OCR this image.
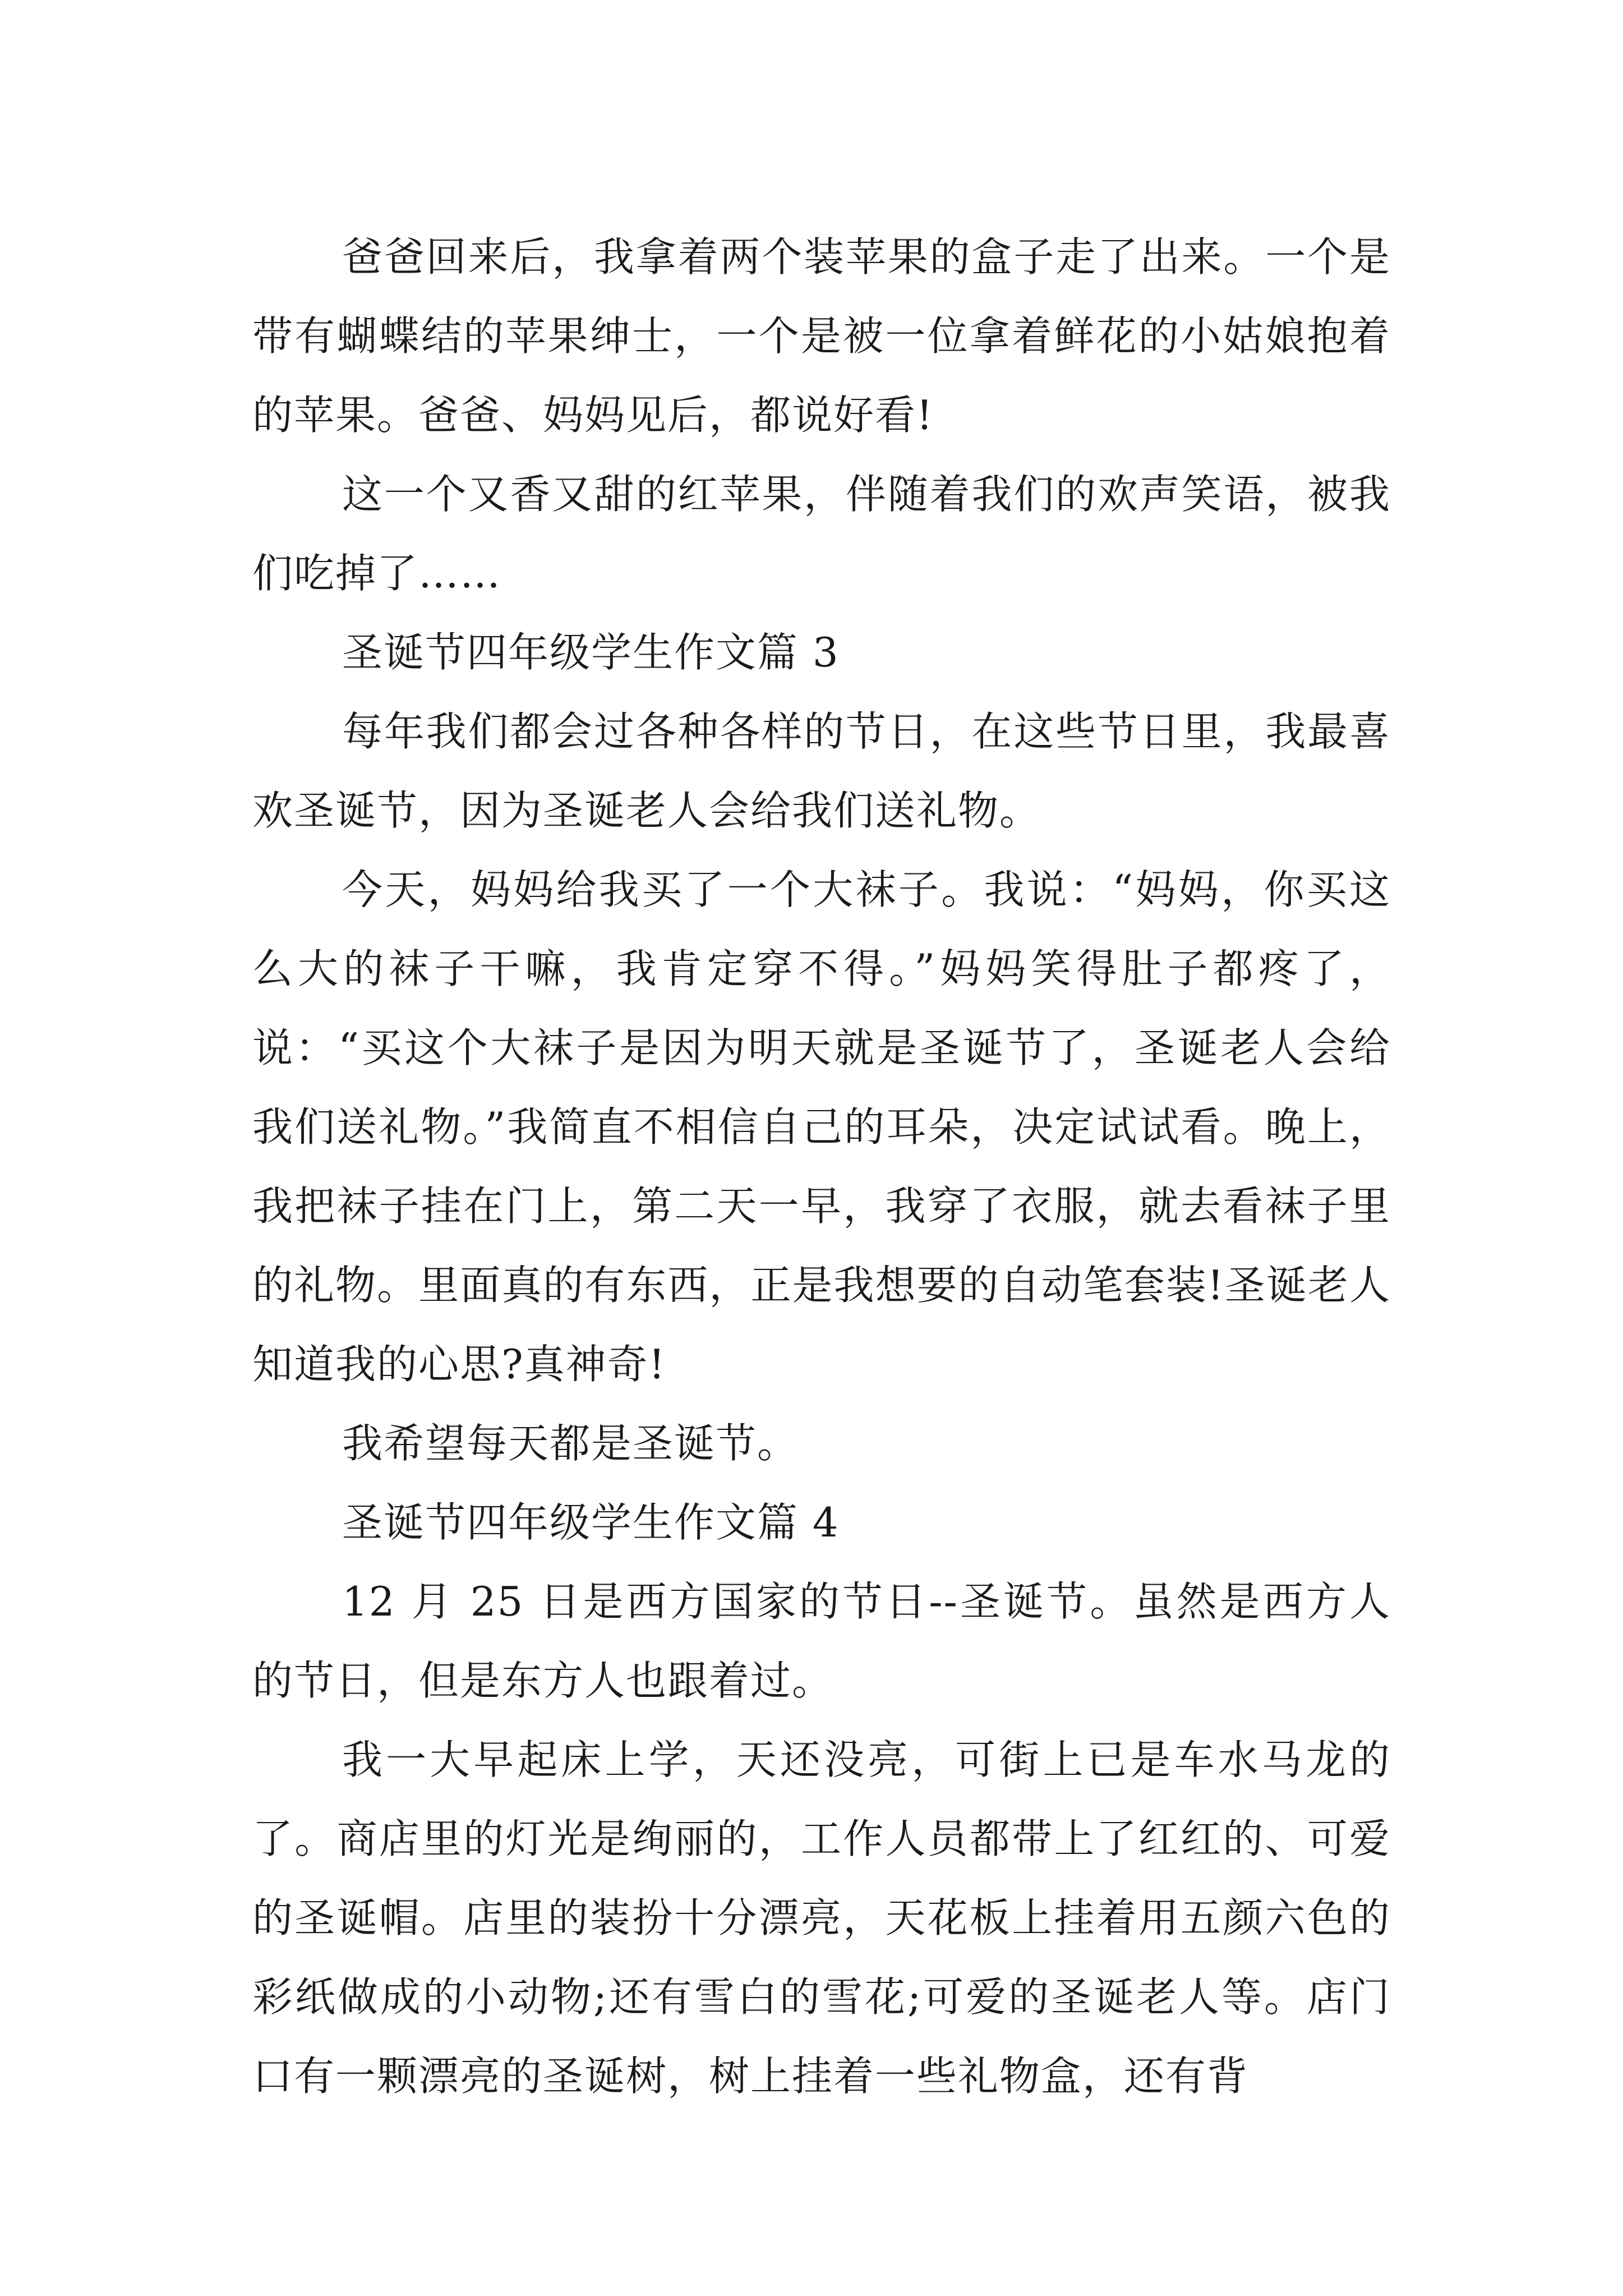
爸爸回来后，我拿着两个装苹果的盒子走了出来。一个是带有蝴蝶结的苹果绅士，一个是被一位拿着鲜花的小姑娘抱着的苹果。爸爸、妈妈见后，都说好看!

这一个又香又甜的红苹果，伴随着我们的欢声笑语，被我们吃掉了……

圣诞节四年级学生作文篇 3

每年我们都会过各种各样的节日，在这些节日里，我最喜欢圣诞节，因为圣诞老人会给我们送礼物。

今天，妈妈给我买了一个大袜子。我说：“妈妈，你买这么大的袜子干嘛，我肯定穿不得。”妈妈笑得肚子都疼了，说：“买这个大袜子是因为明天就是圣诞节了，圣诞老人会给我们送礼物。”我简直不相信自己的耳朵，决定试试看。晚上，我把袜子挂在门上，第二天一早，我穿了衣服，就去看袜子里的礼物。里面真的有东西，正是我想要的自动笔套装!圣诞老人知道我的心思?真神奇!

我希望每天都是圣诞节。

圣诞节四年级学生作文篇 4

12 月 25 日是西方国家的节日--圣诞节。虽然是西方人的节日，但是东方人也跟着过。

我一大早起床上学，天还没亮，可街上已是车水马龙的了。商店里的灯光是绚丽的，工作人员都带上了红红的、可爱的圣诞帽。店里的装扮十分漂亮，天花板上挂着用五颜六色的彩纸做成的小动物;还有雪白的雪花;可爱的圣诞老人等。店门口有一颗漂亮的圣诞树，树上挂着一些礼物盒，还有背
